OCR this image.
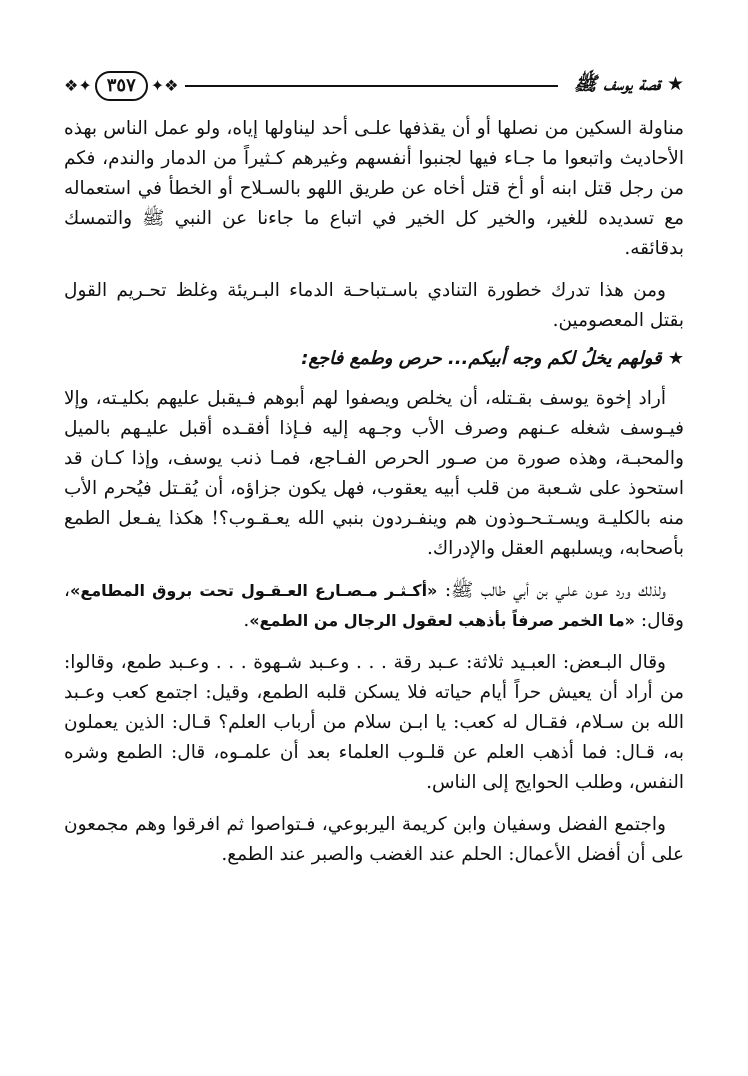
★ قصة يوسف ﷺ
❖✦ ٣٥٧ ✦❖

مناولة السكين من نصلها أو أن يقذفها علـى أحد ليناولها إياه، ولو عمل الناس بهذه الأحاديث واتبعوا ما جـاء فيها لجنبوا أنفسهم وغيرهم كـثيراً من الدمار والندم، فكم من رجل قتل ابنه أو أخ قتل أخاه عن طريق اللهو بالسـلاح أو الخطأ في استعماله مع تسديده للغير، والخير كل الخير في اتباع ما جاءنا عن النبي ﷺ والتمسك بدقائقه.

ومن هذا تدرك خطورة التنادي باسـتباحـة الدماء البـريئة وغلظ تحـريم القول بقتل المعصومين.

★ قولهم يخلُ لكم وجه أبيكم... حرص وطمع فاجع:

أراد إخوة يوسف بقـتله، أن يخلص ويصفوا لهم أبوهم فـيقبل عليهم بكليـته، وإلا فيـوسف شغله عـنهم وصرف الأب وجـهه إليه فـإذا أفقـده أقبل عليـهم بالميل والمحبـة، وهذه صورة من صـور الحرص الفـاجع، فمـا ذنب يوسف، وإذا كـان قد استحوذ على شـعبة من قلب أبيه يعقوب، فهل يكون جزاؤه، أن يُقـتل فيُحرم الأب منه بالكليـة ويسـتـحـوذون هم وينفـردون بنبي الله يعـقـوب؟! هكذا يفـعل الطمع بأصحابه، ويسلبهم العقل والإدراك.

ولذلك ورد عـون علـي بن أبي طالب ﷺ: «أكـثـر مـصـارع العـقـول تحت بروق المطامع»، وقال: «ما الخمر صرفاً بأذهب لعقول الرجال من الطمع».

وقال البـعض: العبـيد ثلاثة: عـبد رقة . . . وعـبد شـهوة . . . وعـبد طمع، وقالوا: من أراد أن يعيش حراً أيام حياته فلا يسكن قلبه الطمع، وقيل: اجتمع كعب وعـبد الله بن سـلام، فقـال له كعب: يا ابـن سلام من أرباب العلم؟ قـال: الذين يعملون به، قـال: فما أذهب العلم عن قلـوب العلماء بعد أن علمـوه، قال: الطمع وشره النفس، وطلب الحوايج إلى الناس.

واجتمع الفضل وسفيان وابن كريمة اليربوعي، فـتواصوا ثم افرقوا وهم مجمعون على أن أفضل الأعمال: الحلم عند الغضب والصبر عند الطمع.
